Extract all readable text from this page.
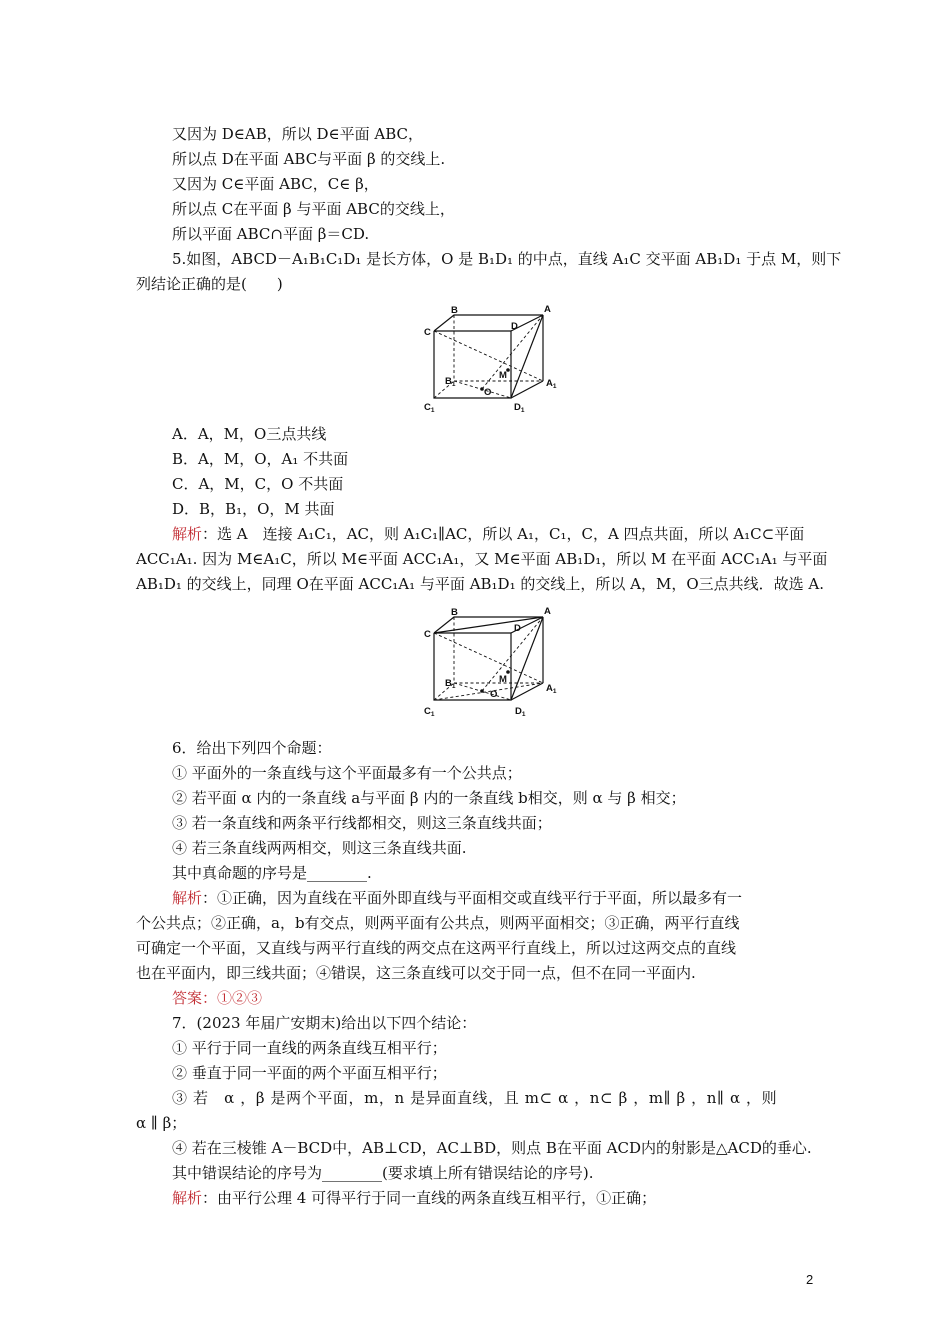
又因为 D∈AB，所以 D∈平面 ABC，
所以点 D在平面 ABC与平面 β 的交线上.
又因为 C∈平面 ABC，C∈ β，
所以点 C在平面 β 与平面 ABC的交线上，
所以平面 ABC∩平面 β＝CD.
5.如图，ABCD－A₁B₁C₁D₁ 是长方体，O 是 B₁D₁ 的中点，直线 A₁C 交平面 AB₁D₁ 于点 M，则下
列结论正确的是(　　)
B	A
C
D
M
O
$B_1$	$A_1$
$C_1$	$D_1$
A．A，M，O三点共线
B．A，M，O，A₁ 不共面
C．A，M，C，O 不共面
D．B，B₁，O，M 共面
解析：选 A　连接 A₁C₁，AC，则 A₁C₁∥AC，所以 A₁，C₁，C，A 四点共面，所以 A₁C⊂平面
ACC₁A₁. 因为 M∈A₁C，所以 M∈平面 ACC₁A₁，又 M∈平面 AB₁D₁，所以 M 在平面 ACC₁A₁ 与平面
AB₁D₁ 的交线上，同理 O在平面 ACC₁A₁ 与平面 AB₁D₁ 的交线上，所以 A，M，O三点共线．故选 A.
B	A
C
D
M
O
$B_1$	$A_1$
$C_1$	$D_1$
6．给出下列四个命题：
① 平面外的一条直线与这个平面最多有一个公共点；
② 若平面 α 内的一条直线 a与平面 β 内的一条直线 b相交，则 α 与 β 相交；
③ 若一条直线和两条平行线都相交，则这三条直线共面；
④ 若三条直线两两相交，则这三条直线共面.
其中真命题的序号是________.
解析：①正确，因为直线在平面外即直线与平面相交或直线平行于平面，所以最多有一
个公共点；②正确，a，b有交点，则两平面有公共点，则两平面相交；③正确，两平行直线
可确定一个平面，又直线与两平行直线的两交点在这两平行直线上，所以过这两交点的直线
也在平面内，即三线共面；④错误，这三条直线可以交于同一点，但不在同一平面内.
答案：①②③
7．(2023 年届广安期末)给出以下四个结论：
① 平行于同一直线的两条直线互相平行；
② 垂直于同一平面的两个平面互相平行；
③ 若　α ，β 是两个平面，m，n 是异面直线，且 m⊂ α ，n⊂ β ，m∥ β ，n∥ α ，则
α ∥ β；
④ 若在三棱锥 A－BCD中，AB⊥CD，AC⊥BD，则点 B在平面 ACD内的射影是△ACD的垂心.
其中错误结论的序号为________(要求填上所有错误结论的序号).
解析：由平行公理 4 可得平行于同一直线的两条直线互相平行，①正确；
2
